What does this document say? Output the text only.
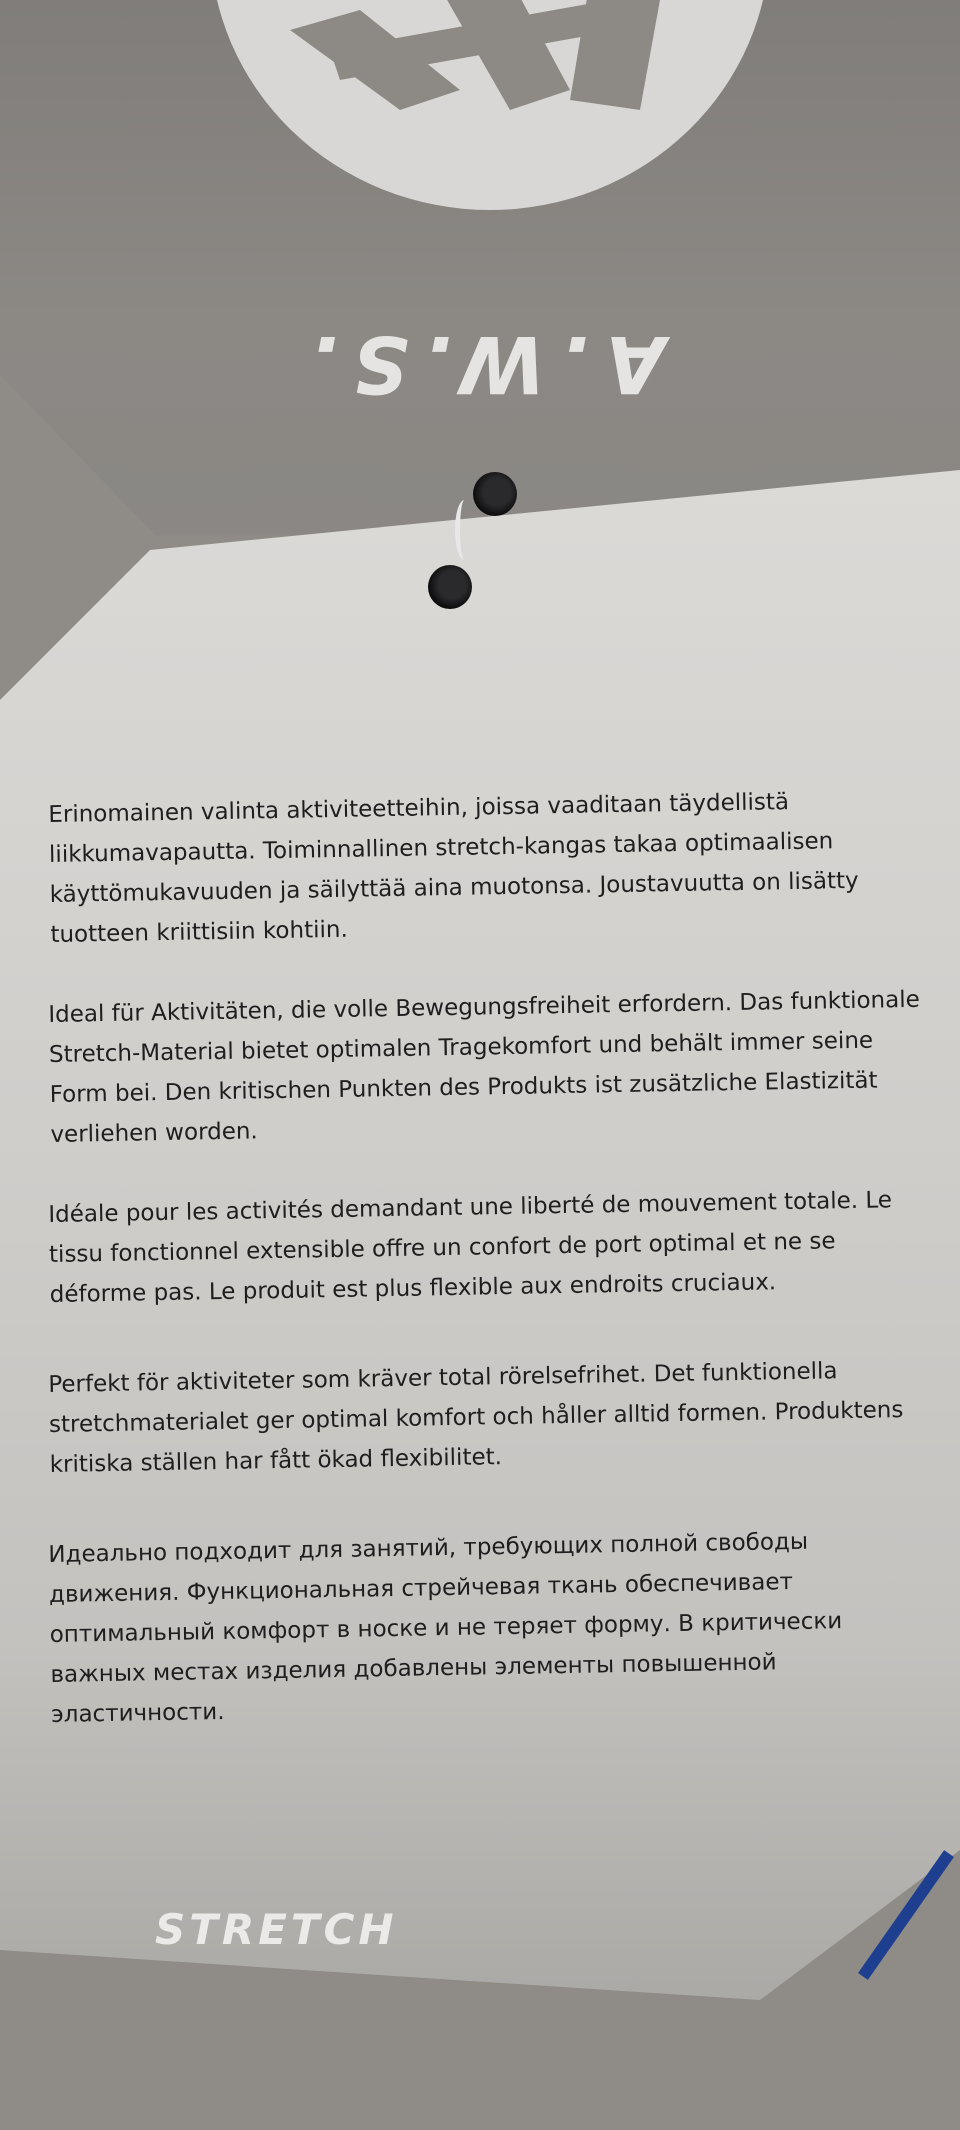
A.W.S.
Erinomainen valinta aktiviteetteihin, joissa vaaditaan täydellistä liikkumavapautta. Toiminnallinen stretch-kangas takaa optimaalisen käyttömukavuuden ja säilyttää aina muotonsa. Joustavuutta on lisätty tuotteen kriittisiin kohtiin.
Ideal für Aktivitäten, die volle Bewegungsfreiheit erfordern. Das funktionale Stretch-Material bietet optimalen Tragekomfort und behält immer seine Form bei. Den kritischen Punkten des Produkts ist zusätzliche Elastizität verliehen worden.
Idéale pour les activités demandant une liberté de mouvement totale. Le tissu fonctionnel extensible offre un confort de port optimal et ne se déforme pas. Le produit est plus flexible aux endroits cruciaux.
Perfekt för aktiviteter som kräver total rörelsefrihet. Det funktionella stretchmaterialet ger optimal komfort och håller alltid formen. Produktens kritiska ställen har fått ökad flexibilitet.
Идеально подходит для занятий, требующих полной свободы движения. Функциональная стрейчевая ткань обеспечивает оптимальный комфорт в носке и не теряет форму. В критически важных местах изделия добавлены элементы повышенной эластичности.
STRETCH
